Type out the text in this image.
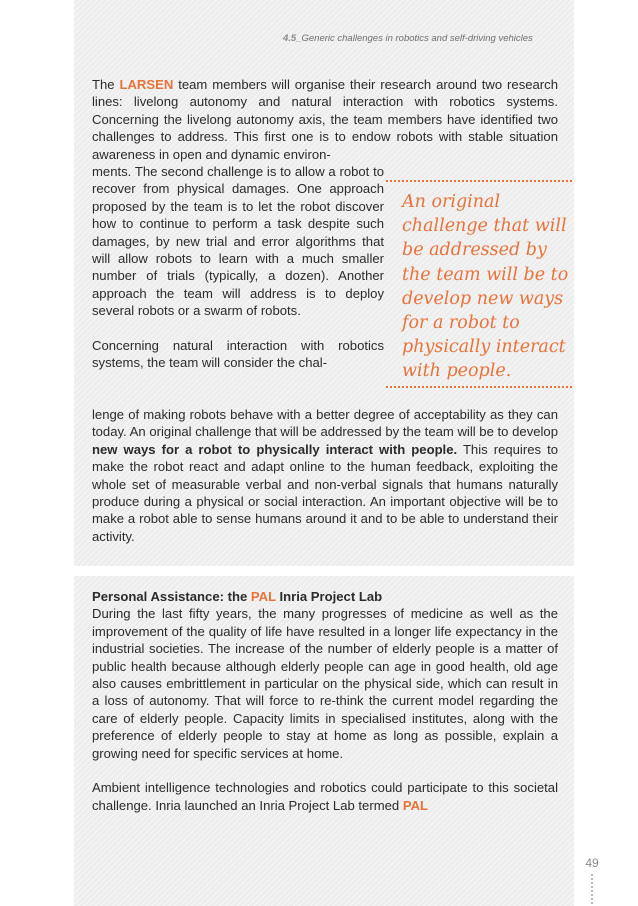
4.5_Generic challenges in robotics and self-driving vehicles

The LARSEN team members will organise their research around two research lines: livelong autonomy and natural interaction with robotics systems. Concerning the livelong autonomy axis, the team members have identified two challenges to address. This first one is to endow robots with stable situation awareness in open and dynamic environ-

ments. The second challenge is to allow a robot to recover from physical damages. One approach proposed by the team is to let the robot discover how to continue to perform a task despite such damages, by new trial and error algorithms that will allow robots to learn with a much smaller number of trials (typically, a dozen). Another approach the team will address is to deploy several robots or a swarm of robots.

Concerning natural interaction with robotics systems, the team will consider the chal-

lenge of making robots behave with a better degree of acceptability as they can today. An original challenge that will be addressed by the team will be to develop new ways for a robot to physically interact with people. This requires to make the robot react and adapt online to the human feedback, exploiting the whole set of measurable verbal and non-verbal signals that humans naturally produce during a physical or social interaction. An important objective will be to make a robot able to sense humans around it and to be able to understand their activity.

An original challenge that will be addressed by the team will be to develop new ways for a robot to physically interact with people.

Personal Assistance: the PAL Inria Project Lab

During the last fifty years, the many progresses of medicine as well as the improvement of the quality of life have resulted in a longer life expectancy in the industrial societies. The increase of the number of elderly people is a matter of public health because although elderly people can age in good health, old age also causes embrittlement in particular on the physical side, which can result in a loss of autonomy. That will force to re-think the current model regarding the care of elderly people. Capacity limits in specialised institutes, along with the preference of elderly people to stay at home as long as possible, explain a growing need for specific services at home.

Ambient intelligence technologies and robotics could participate to this societal challenge. Inria launched an Inria Project Lab termed PAL

49
